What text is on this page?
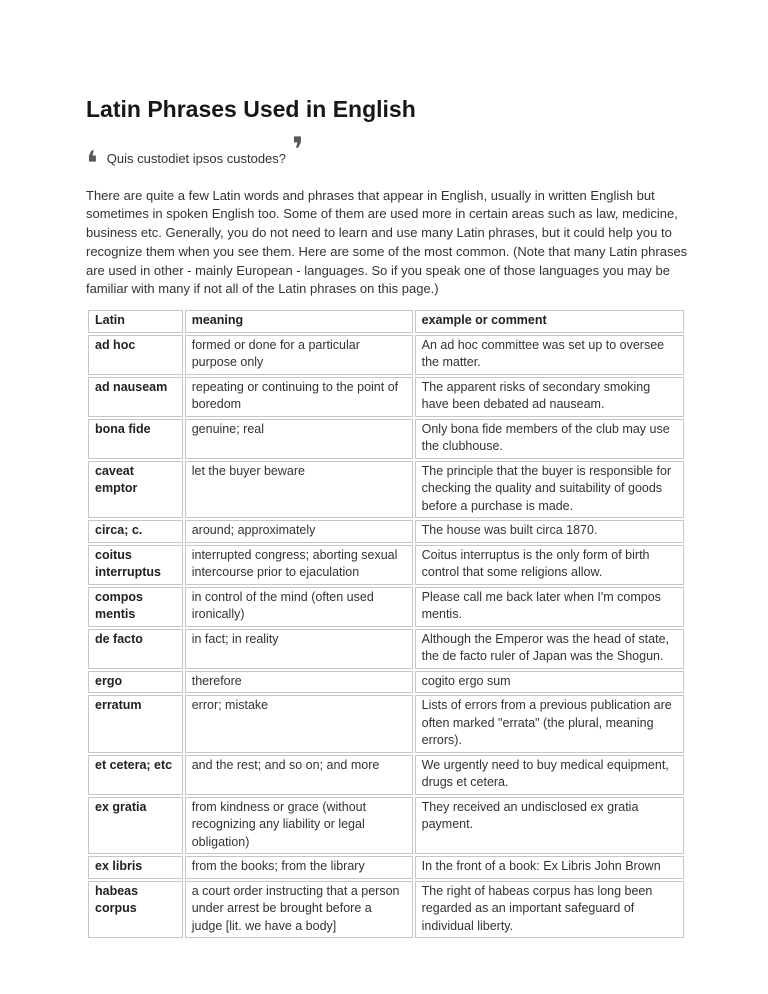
Latin Phrases Used in English
❛ Quis custodiet ipsos custodes? ❜

There are quite a few Latin words and phrases that appear in English, usually in written English but sometimes in spoken English too. Some of them are used more in certain areas such as law, medicine, business etc. Generally, you do not need to learn and use many Latin phrases, but it could help you to recognize them when you see them. Here are some of the most common. (Note that many Latin phrases are used in other - mainly European - languages. So if you speak one of those languages you may be familiar with many if not all of the Latin phrases on this page.)

Latin	meaning	example or comment
ad hoc	formed or done for a particular purpose only	An ad hoc committee was set up to oversee the matter.
ad nauseam	repeating or continuing to the point of boredom	The apparent risks of secondary smoking have been debated ad nauseam.
bona fide	genuine; real	Only bona fide members of the club may use the clubhouse.
caveat emptor	let the buyer beware	The principle that the buyer is responsible for checking the quality and suitability of goods before a purchase is made.
circa; c.	around; approximately	The house was built circa 1870.
coitus interruptus	interrupted congress; aborting sexual intercourse prior to ejaculation	Coitus interruptus is the only form of birth control that some religions allow.
compos mentis	in control of the mind (often used ironically)	Please call me back later when I'm compos mentis.
de facto	in fact; in reality	Although the Emperor was the head of state, the de facto ruler of Japan was the Shogun.
ergo	therefore	cogito ergo sum
erratum	error; mistake	Lists of errors from a previous publication are often marked "errata" (the plural, meaning errors).
et cetera; etc	and the rest; and so on; and more	We urgently need to buy medical equipment, drugs et cetera.
ex gratia	from kindness or grace (without recognizing any liability or legal obligation)	They received an undisclosed ex gratia payment.
ex libris	from the books; from the library	In the front of a book: Ex Libris John Brown
habeas corpus	a court order instructing that a person under arrest be brought before a judge [lit. we have a body]	The right of habeas corpus has long been regarded as an important safeguard of individual liberty.
